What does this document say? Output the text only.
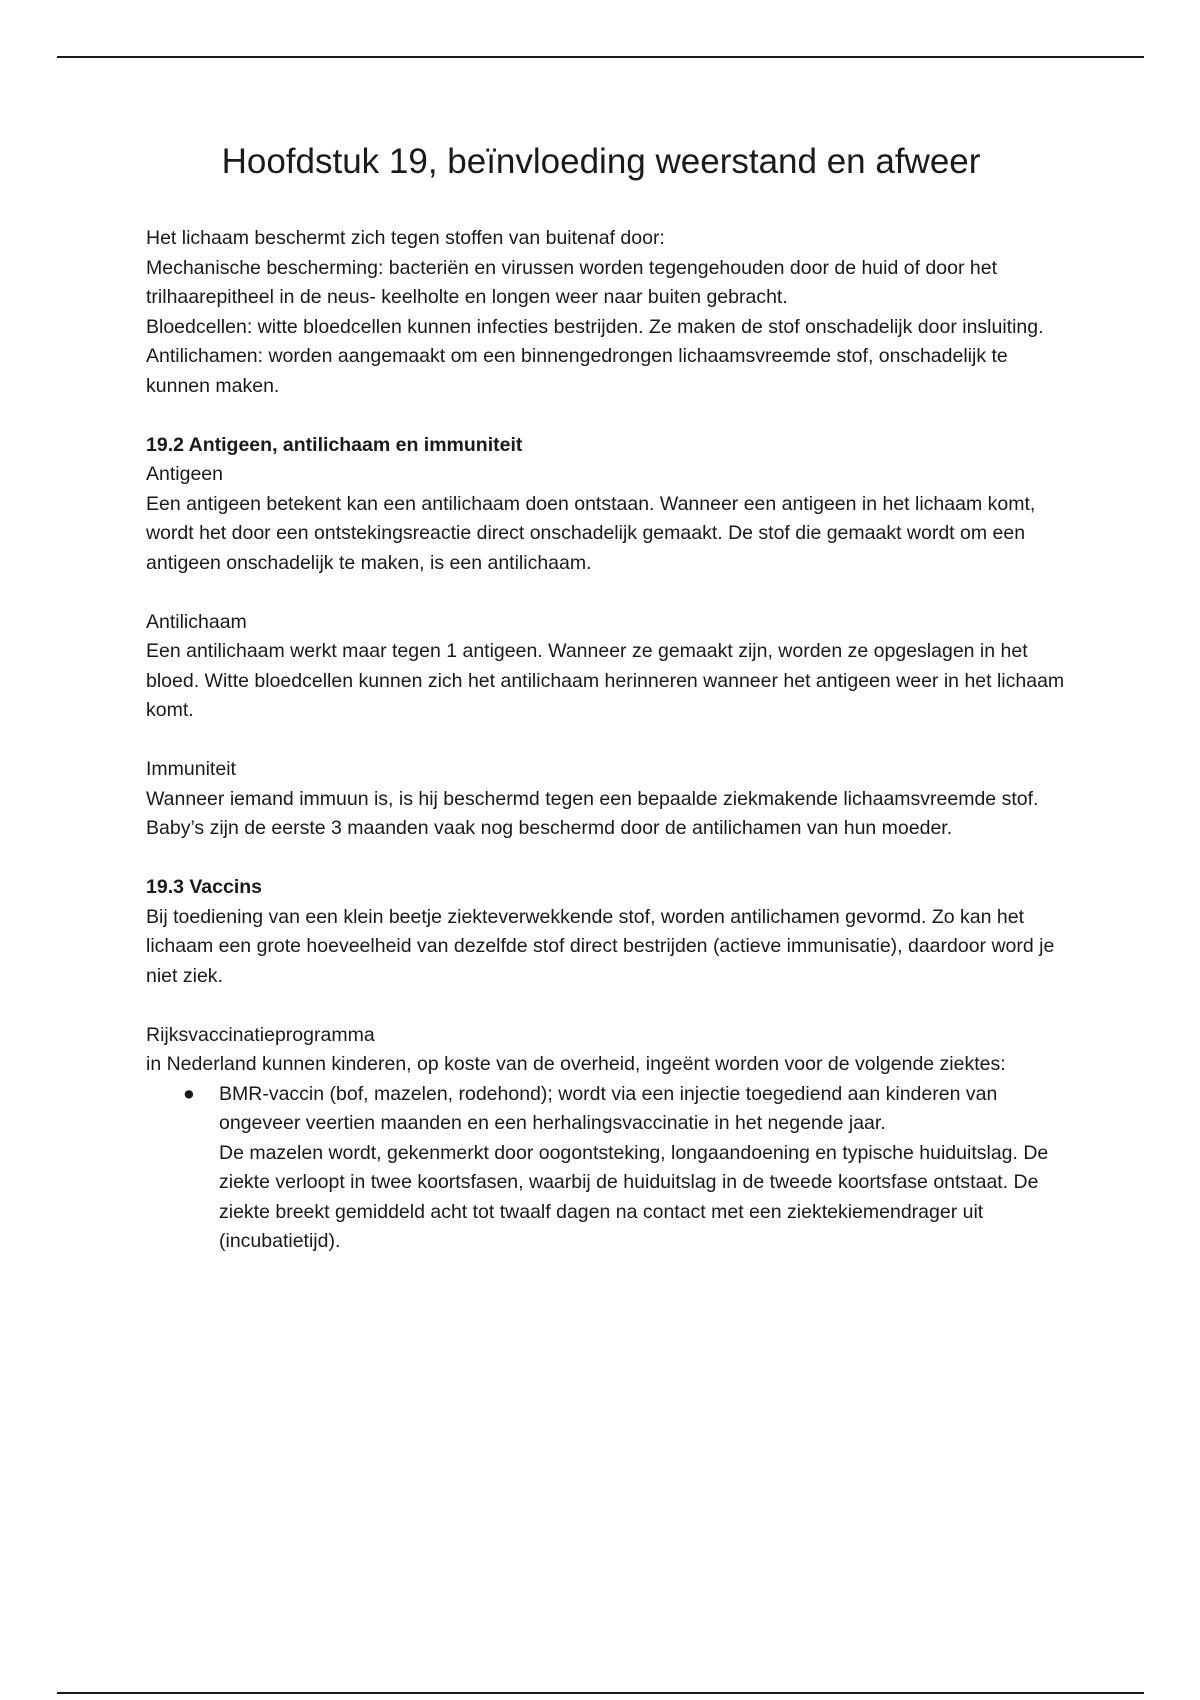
Hoofdstuk 19, beïnvloeding weerstand en afweer

Het lichaam beschermt zich tegen stoffen van buitenaf door:

Mechanische bescherming: bacteriën en virussen worden tegengehouden door de huid of door het trilhaarepitheel in de neus- keelholte en longen weer naar buiten gebracht.

Bloedcellen: witte bloedcellen kunnen infecties bestrijden. Ze maken de stof onschadelijk door insluiting.

Antilichamen: worden aangemaakt om een binnengedrongen lichaamsvreemde stof, onschadelijk te kunnen maken.

19.2 Antigeen, antilichaam en immuniteit

Antigeen

Een antigeen betekent kan een antilichaam doen ontstaan. Wanneer een antigeen in het lichaam komt, wordt het door een ontstekingsreactie direct onschadelijk gemaakt. De stof die gemaakt wordt om een antigeen onschadelijk te maken, is een antilichaam.

Antilichaam

Een antilichaam werkt maar tegen 1 antigeen. Wanneer ze gemaakt zijn, worden ze opgeslagen in het bloed. Witte bloedcellen kunnen zich het antilichaam herinneren wanneer het antigeen weer in het lichaam komt.

Immuniteit

Wanneer iemand immuun is, is hij beschermd tegen een bepaalde ziekmakende lichaamsvreemde stof. Baby’s zijn de eerste 3 maanden vaak nog beschermd door de antilichamen van hun moeder.

19.3 Vaccins

Bij toediening van een klein beetje ziekteverwekkende stof, worden antilichamen gevormd. Zo kan het lichaam een grote hoeveelheid van dezelfde stof direct bestrijden (actieve immunisatie), daardoor word je niet ziek.

Rijksvaccinatieprogramma

in Nederland kunnen kinderen, op koste van de overheid, ingeënt worden voor de volgende ziektes:

● BMR-vaccin (bof, mazelen, rodehond); wordt via een injectie toegediend aan kinderen van ongeveer veertien maanden en een herhalingsvaccinatie in het negende jaar.

De mazelen wordt, gekenmerkt door oogontsteking, longaandoening en typische huiduitslag. De ziekte verloopt in twee koortsfasen, waarbij de huiduitslag in de tweede koortsfase ontstaat. De ziekte breekt gemiddeld acht tot twaalf dagen na contact met een ziektekiemendrager uit (incubatietijd).
